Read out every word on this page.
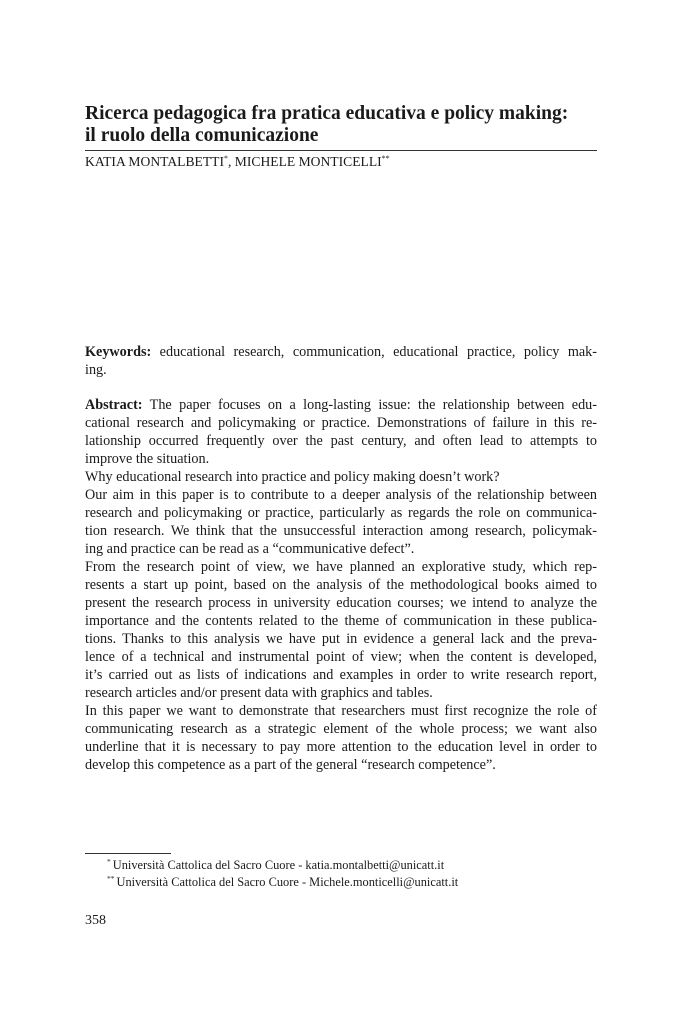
Ricerca pedagogica fra pratica educativa e policy making:
il ruolo della comunicazione
KATIA MONTALBETTI*, MICHELE MONTICELLI**
Keywords: educational research, communication, educational practice, policy mak-
ing.
Abstract: The paper focuses on a long-lasting issue: the relationship between edu-
cational research and policymaking or practice. Demonstrations of failure in this re-
lationship occurred frequently over the past century, and often lead to attempts to
improve the situation.
Why educational research into practice and policy making doesn’t work?
Our aim in this paper is to contribute to a deeper analysis of the relationship between
research and policymaking or practice, particularly as regards the role on communica-
tion research. We think that the unsuccessful interaction among research, policymak-
ing and practice can be read as a “communicative defect”.
From the research point of view, we have planned an explorative study, which rep-
resents a start up point, based on the analysis of the methodological books aimed to
present the research process in university education courses; we intend to analyze the
importance and the contents related to the theme of communication in these publica-
tions. Thanks to this analysis we have put in evidence a general lack and the preva-
lence of a technical and instrumental point of view; when the content is developed,
it’s carried out as lists of indications and examples in order to write research report,
research articles and/or present data with graphics and tables.
In this paper we want to demonstrate that researchers must first recognize the role of
communicating research as a strategic element of the whole process; we want also
underline that it is necessary to pay more attention to the education level in order to
develop this competence as a part of the general “research competence”.
* Università Cattolica del Sacro Cuore - katia.montalbetti@unicatt.it
** Università Cattolica del Sacro Cuore - Michele.monticelli@unicatt.it
358
